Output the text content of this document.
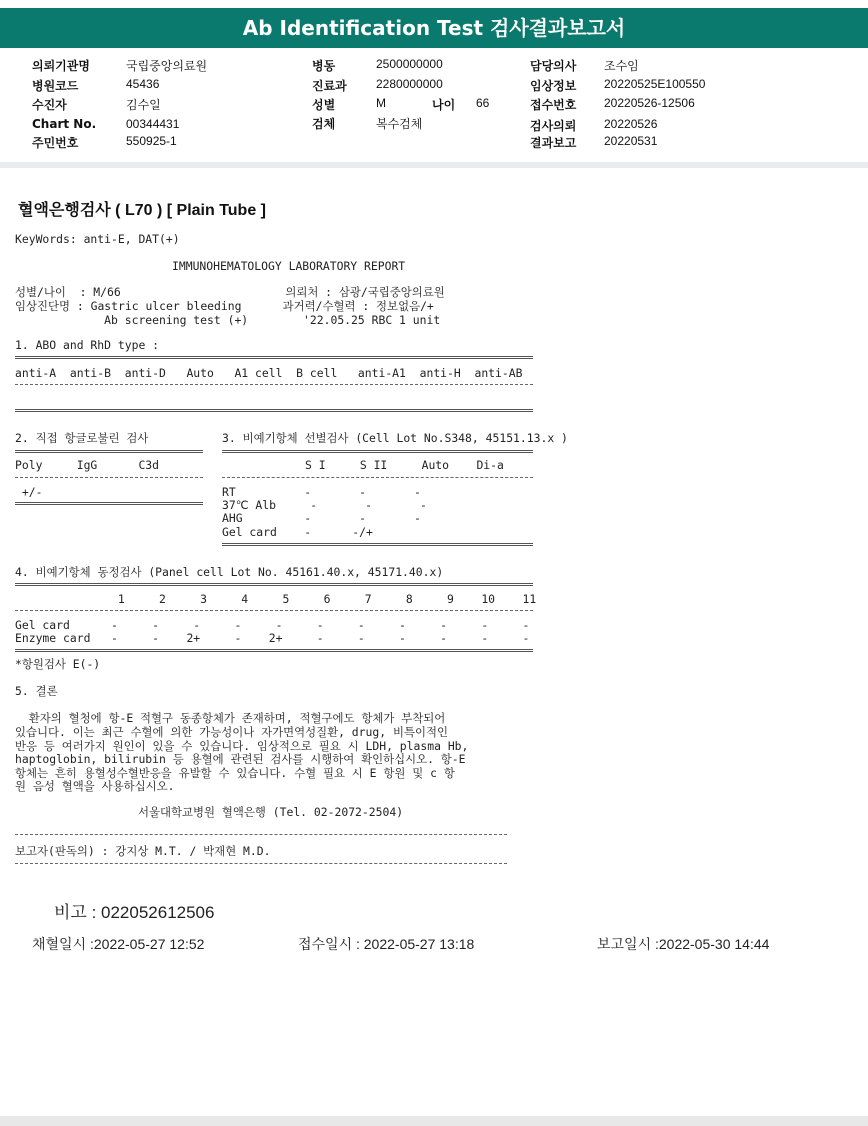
Ab Identification Test 검사결과보고서
의뢰기관명	국립중앙의료원
병원코드	45436
수진자	김수일
Chart No. 00344431
주민번호	550925-1
병동	2500000000
진료과 2280000000
성별	M	나이 66
검체	복수검체
담당의사 조수임
임상정보 20220525E100550
접수번호 20220526-12506
검사의뢰 20220526
결과보고 20220531
혈액은행검사 ( L70 ) [ Plain Tube ]
KeyWords: anti-E, DAT(+)
IMMUNOHEMATOLOGY LABORATORY REPORT
성별/나이  : M/66                        의뢰처 : 삼광/국립중앙의료원
임상진단명 : Gastric ulcer bleeding      과거력/수혈력 : 정보없음/+
Ab screening test (+)        '22.05.25 RBC 1 unit
1. ABO and RhD type :
anti-A  anti-B  anti-D   Auto   A1 cell  B cell   anti-A1  anti-H  anti-AB
2. 직접 항글로불린 검사
Poly     IgG      C3d
+/-
3. 비예기항체 선별검사 (Cell Lot No.S348, 45151.13.x )
S I     S II     Auto    Di-a
RT          -       -       -
37℃ Alb     -       -       -
AHG         -       -       -
Gel card    -      -/+
4. 비예기항체 동정검사 (Panel cell Lot No. 45161.40.x, 45171.40.x)
1     2     3     4     5     6     7     8     9    10    11
Gel card      -     -     -     -     -     -     -     -     -     -     -
Enzyme card   -     -    2+     -    2+     -     -     -     -     -     -
*항원검사 E(-)
5. 결론
환자의 혈청에 항-E 적혈구 동종항체가 존재하며, 적혈구에도 항체가 부착되어
있습니다. 이는 최근 수혈에 의한 가능성이나 자가면역성질환, drug, 비특이적인
반응 등 여러가지 원인이 있을 수 있습니다. 임상적으로 필요 시 LDH, plasma Hb,
haptoglobin, bilirubin 등 용혈에 관련된 검사를 시행하여 확인하십시오. 항-E
항체는 흔히 용혈성수혈반응을 유발할 수 있습니다. 수혈 필요 시 E 항원 및 c 항
원 음성 혈액을 사용하십시오.
서울대학교병원 혈액은행 (Tel. 02-2072-2504)
보고자(판독의) : 강지상 M.T. / 박재현 M.D.
비고 : 022052612506
채혈일시 :2022-05-27 12:52	접수일시 : 2022-05-27 13:18	보고일시 :2022-05-30 14:44
